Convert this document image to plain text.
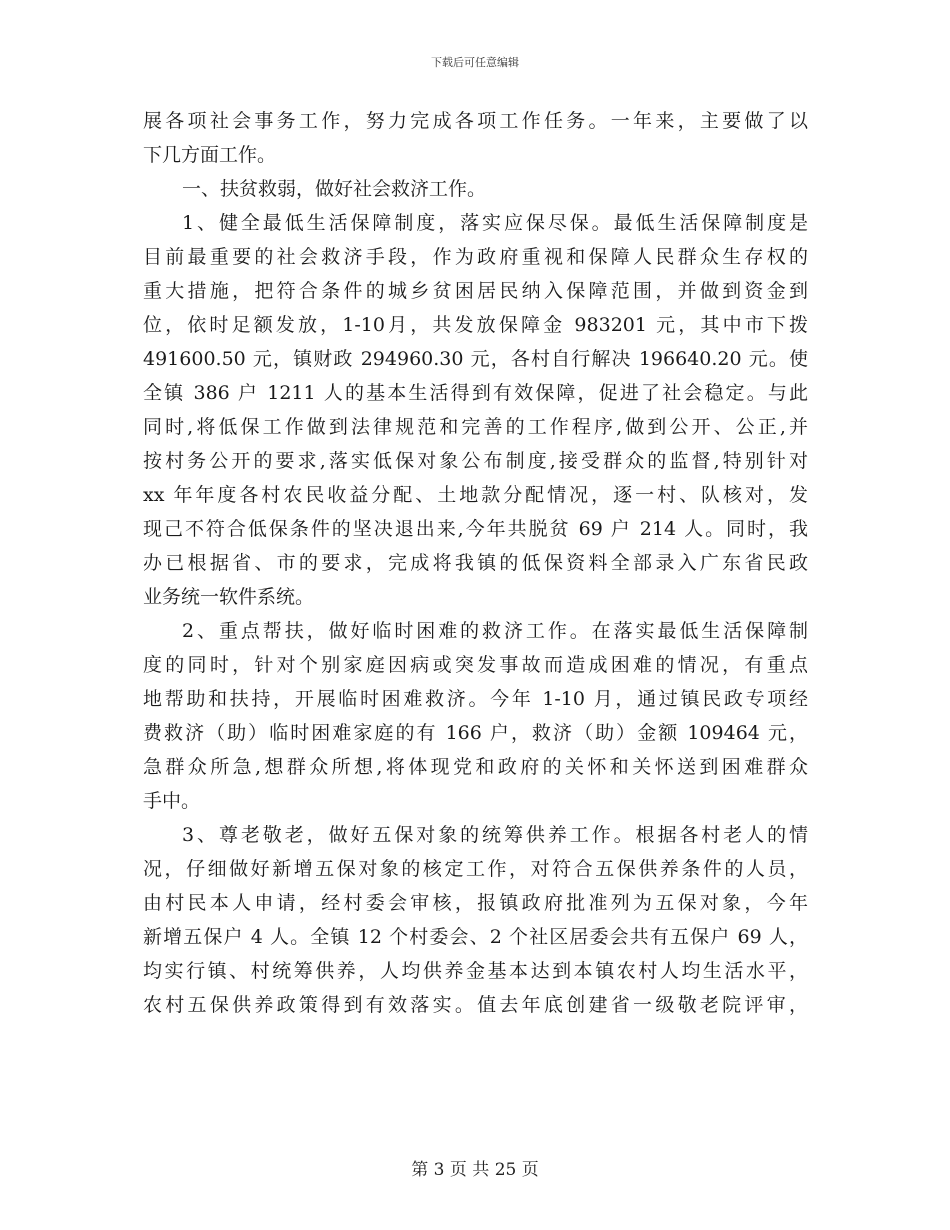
下载后可任意编辑
展各项社会事务工作，努力完成各项工作任务。一年来，主要做了以
下几方面工作。
一、扶贫救弱，做好社会救济工作。
1、健全最低生活保障制度，落实应保尽保。最低生活保障制度是
目前最重要的社会救济手段，作为政府重视和保障人民群众生存权的
重大措施，把符合条件的城乡贫困居民纳入保障范围，并做到资金到
位，依时足额发放，1-10月，共发放保障金 983201 元，其中市下拨
491600.50 元，镇财政 294960.30 元，各村自行解决 196640.20 元。使
全镇 386 户 1211 人的基本生活得到有效保障，促进了社会稳定。与此
同时,将低保工作做到法律规范和完善的工作程序,做到公开、公正,并
按村务公开的要求,落实低保对象公布制度,接受群众的监督,特别针对
xx 年年度各村农民收益分配、土地款分配情况，逐一村、队核对，发
现己不符合低保条件的坚决退出来,今年共脱贫 69 户 214 人。同时，我
办已根据省、市的要求，完成将我镇的低保资料全部录入广东省民政
业务统一软件系统。
2、重点帮扶，做好临时困难的救济工作。在落实最低生活保障制
度的同时，针对个别家庭因病或突发事故而造成困难的情况，有重点
地帮助和扶持，开展临时困难救济。今年 1-10 月，通过镇民政专项经
费救济（助）临时困难家庭的有 166 户，救济（助）金额 109464 元，
急群众所急,想群众所想,将体现党和政府的关怀和关怀送到困难群众
手中。
3、尊老敬老，做好五保对象的统筹供养工作。根据各村老人的情
况，仔细做好新增五保对象的核定工作，对符合五保供养条件的人员，
由村民本人申请，经村委会审核，报镇政府批准列为五保对象，今年
新增五保户 4 人。全镇 12 个村委会、2 个社区居委会共有五保户 69 人，
均实行镇、村统筹供养，人均供养金基本达到本镇农村人均生活水平，
农村五保供养政策得到有效落实。值去年底创建省一级敬老院评审，
第 3 页 共 25 页
